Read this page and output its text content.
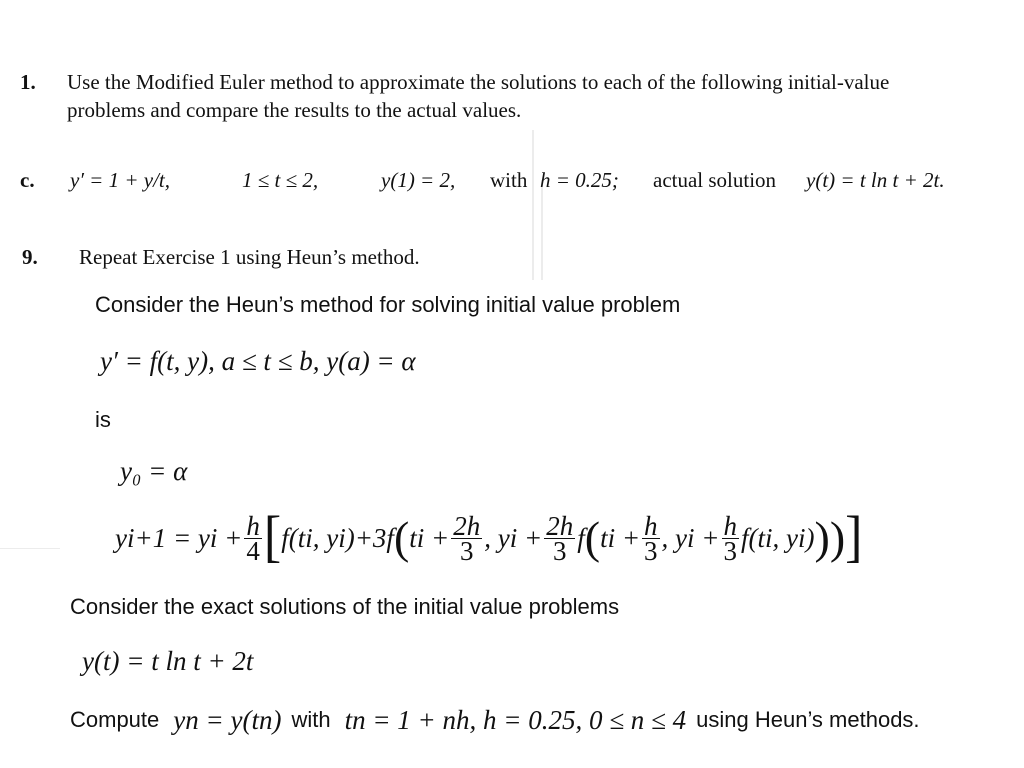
1. Use the Modified Euler method to approximate the solutions to each of the following initial-value
problems and compare the results to the actual values.
c. y′ = 1 + y/t,	1 ≤ t ≤ 2,	y(1) = 2, with h = 0.25; actual solution y(t) = t ln t + 2t.
9. Repeat Exercise 1 using Heun’s method.
Consider the Heun’s method for solving initial value problem
y′ = f(t, y), a ≤ t ≤ b, y(a) = α
is
y₀ = α
yi+1 = yi + $\frac{h}{4}$ [ f(ti, yi) +3f ( ti + $\frac{2h}{3}$ , yi + $\frac{2h}{3}$ f ( ti + $\frac{h}{3}$ , yi + $\frac{h}{3} f(ti$, yi) )) ]
Consider the exact solutions of the initial value problems
y(t) = t ln t + 2t
Compute yn = y(tn) with tn = 1 + nh, h = 0.25, 0 ≤ n ≤ 4 using Heun’s methods.
